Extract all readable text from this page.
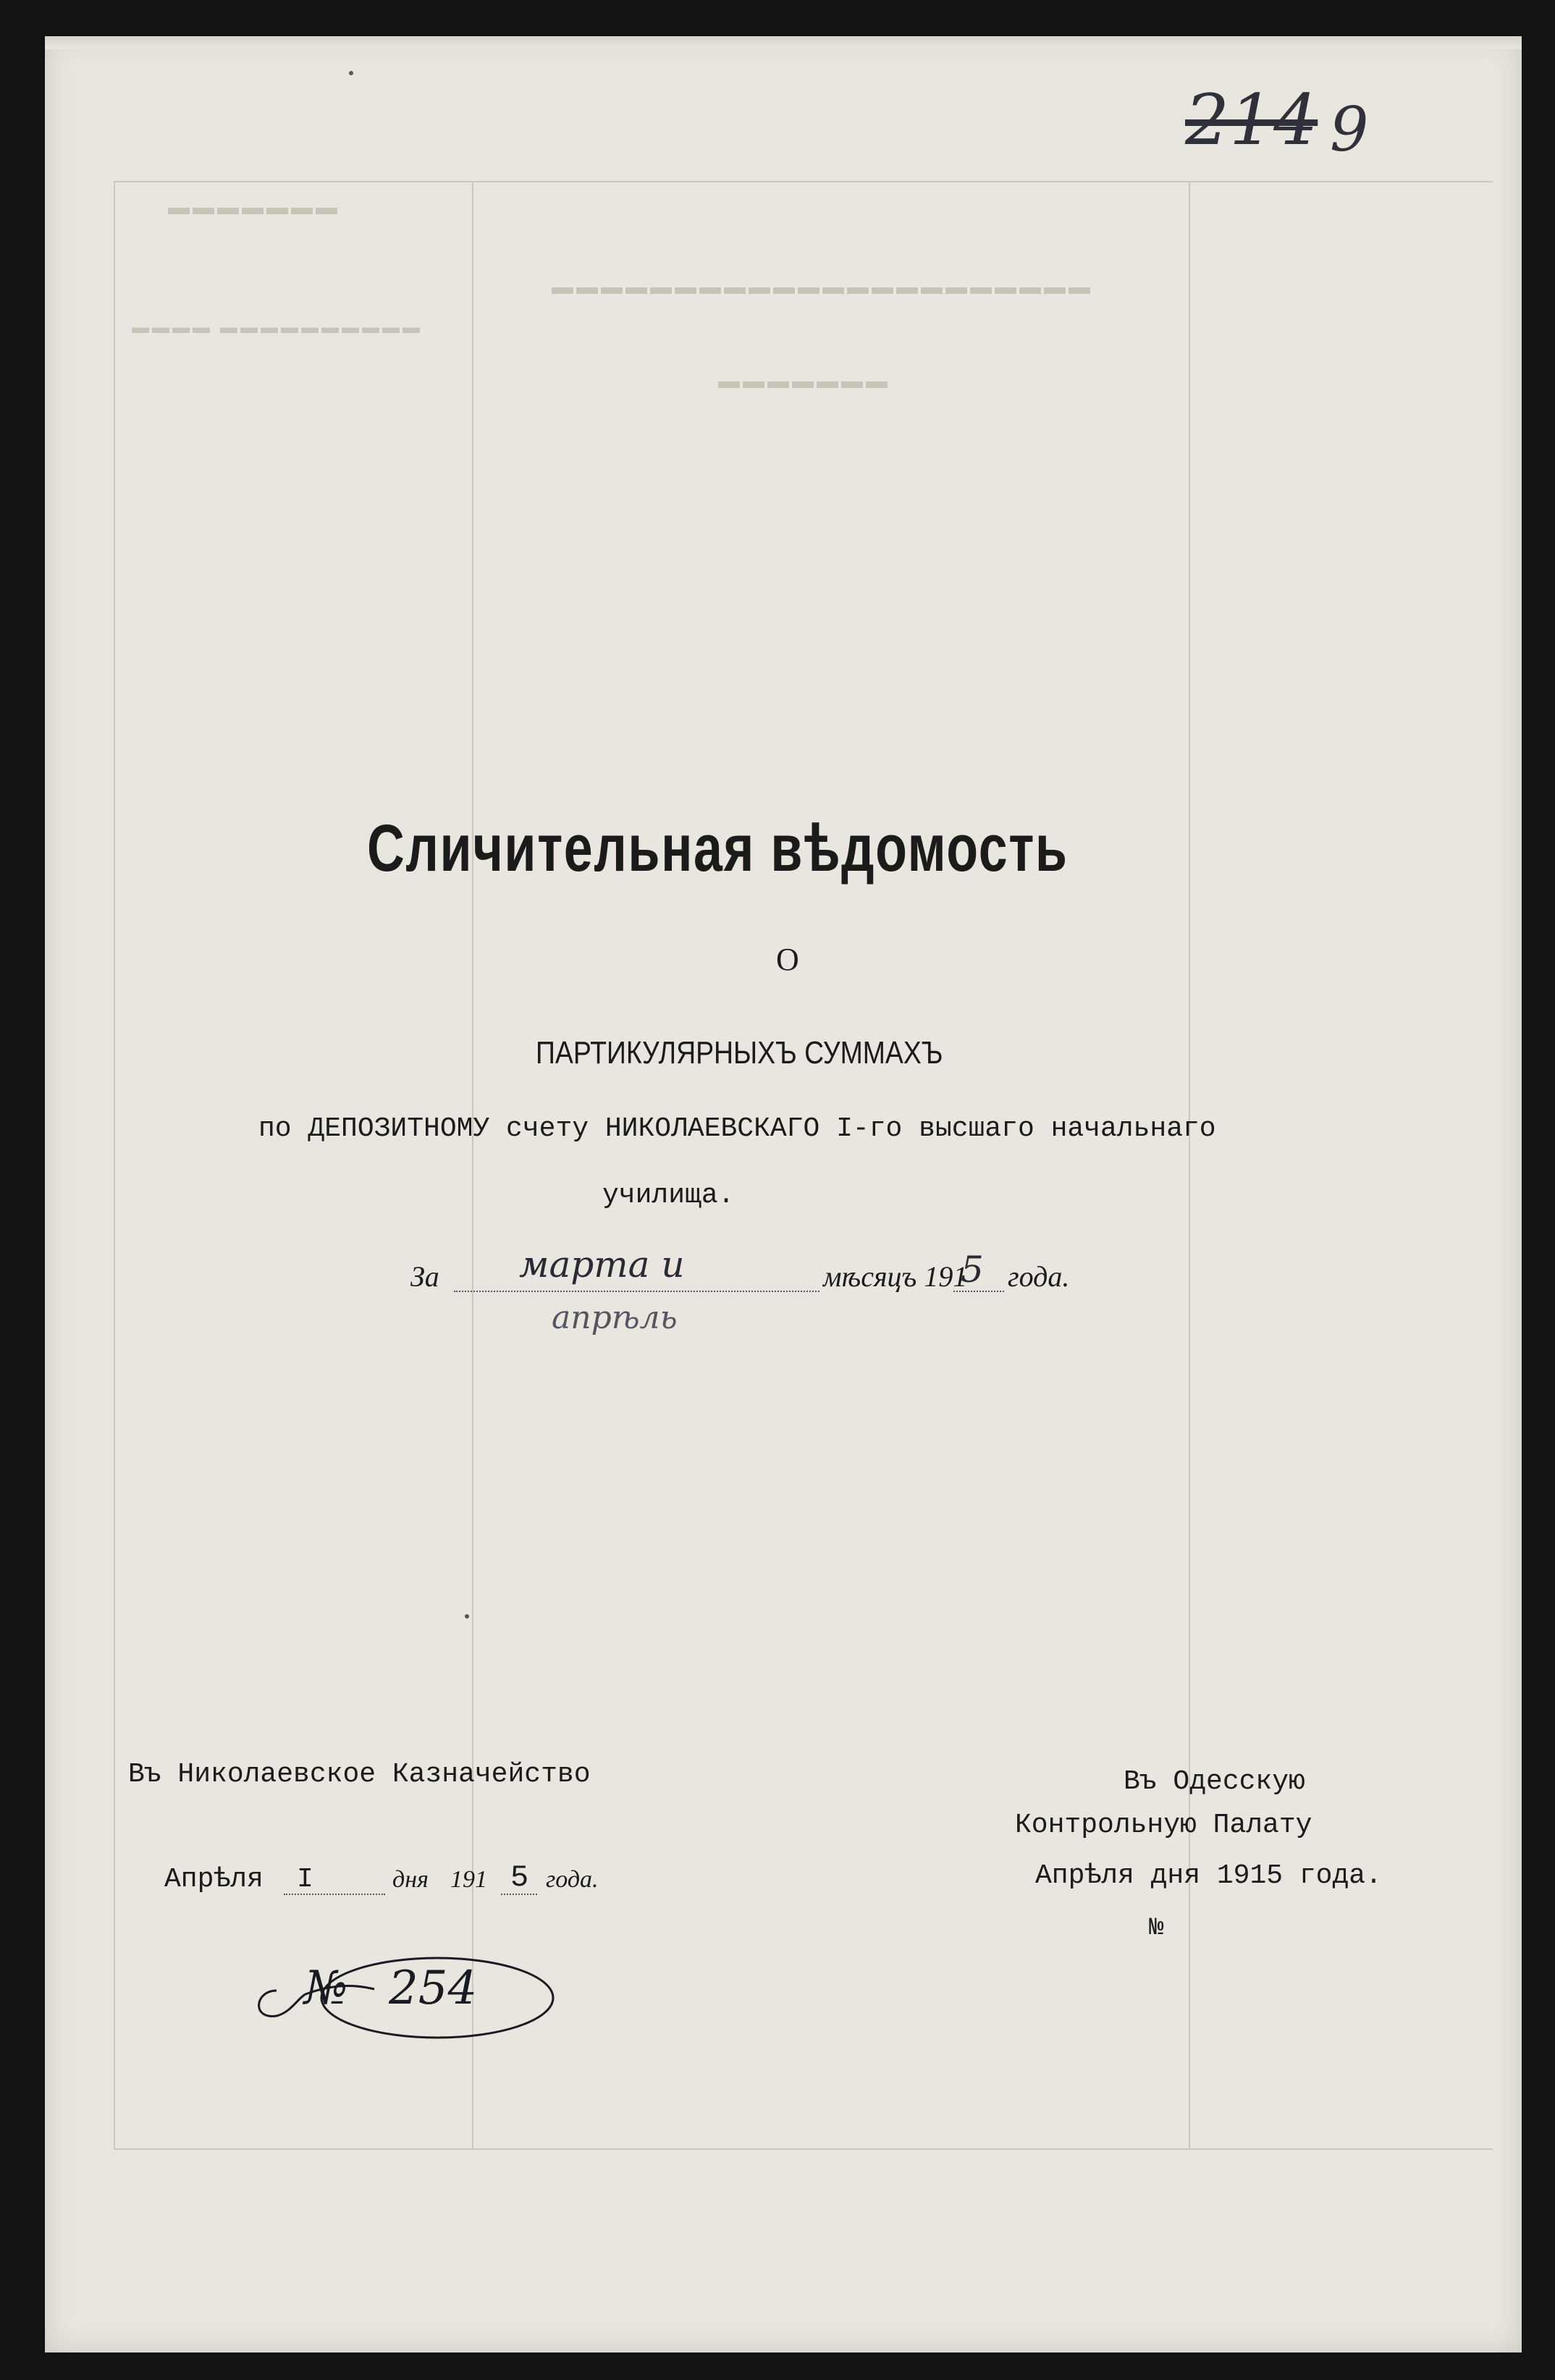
▬▬▬▬▬▬▬
▬▬▬▬▬▬▬▬▬▬▬▬▬▬▬▬▬▬▬▬▬▬
▬▬▬▬▬▬▬
▬▬▬▬ ▬▬▬▬▬▬▬▬▬▬
214 9
Сличительная вѣдомость
О
ПАРТИКУЛЯРНЫХЪ СУММАХЪ
по ДЕПОЗИТНОМУ счету НИКОЛАЕВСКАГО І-го высшаго начальнаго
училища.
За марта и
апрѣль
мѣсяцъ 191
5 года.
Въ Николаевское Казначейство
Апрѣля I	дня 191 5 года.
№ 254
Въ Одесскую
Контрольную Палату
Апрѣля дня 1915 года.
№
